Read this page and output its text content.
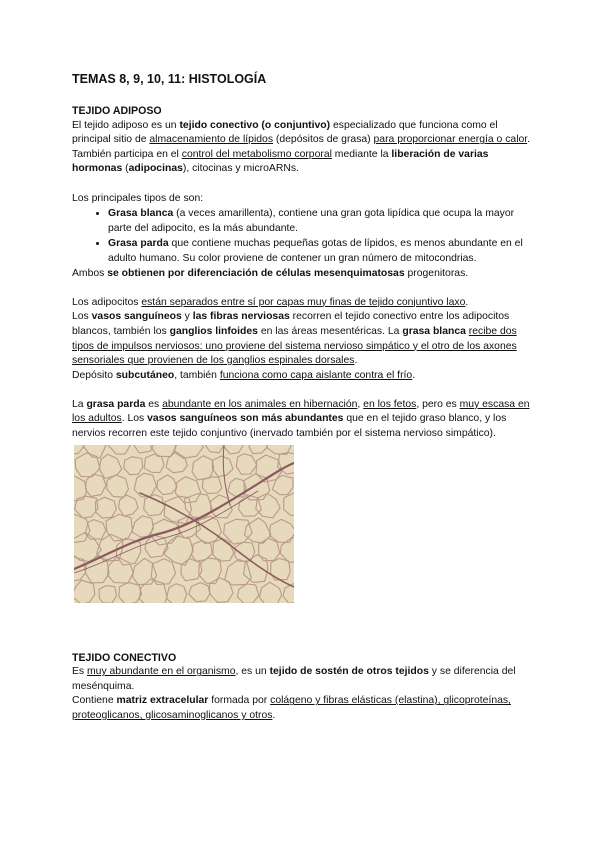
TEMAS 8, 9, 10, 11: HISTOLOGÍA
TEJIDO ADIPOSO

El tejido adiposo es un tejido conectivo (o conjuntivo) especializado que funciona como el principal sitio de almacenamiento de lípidos (depósitos de grasa) para proporcionar energía o calor. También participa en el control del metabolismo corporal mediante la liberación de varias hormonas (adipocinas), citocinas y microARNs.

Los principales tipos de son:

• Grasa blanca (a veces amarillenta), contiene una gran gota lipídica que ocupa la mayor parte del adipocito, es la más abundante.
• Grasa parda que contiene muchas pequeñas gotas de lípidos, es menos abundante en el adulto humano. Su color proviene de contener un gran número de mitocondrias.

Ambos se obtienen por diferenciación de células mesenquimatosas progenitoras.

Los adipocitos están separados entre sí por capas muy finas de tejido conjuntivo laxo.

Los vasos sanguíneos y las fibras nerviosas recorren el tejido conectivo entre los adipocitos blancos, también los ganglios linfoides en las áreas mesentéricas. La grasa blanca recibe dos tipos de impulsos nerviosos: uno proviene del sistema nervioso simpático y el otro de los axones sensoriales que provienen de los ganglios espinales dorsales.

Depósito subcutáneo, también funciona como capa aislante contra el frío.

La grasa parda es abundante en los animales en hibernación, en los fetos, pero es muy escasa en los adultos. Los vasos sanguíneos son más abundantes que en el tejido graso blanco, y los nervios recorren este tejido conjuntivo (inervado también por el sistema nervioso simpático).

TEJIDO CONECTIVO

Es muy abundante en el organismo, es un tejido de sostén de otros tejidos y se diferencia del mesénquima.

Contiene matriz extracelular formada por colágeno y fibras elásticas (elastina), glicoproteínas, proteoglicanos, glicosaminoglicanos y otros.
